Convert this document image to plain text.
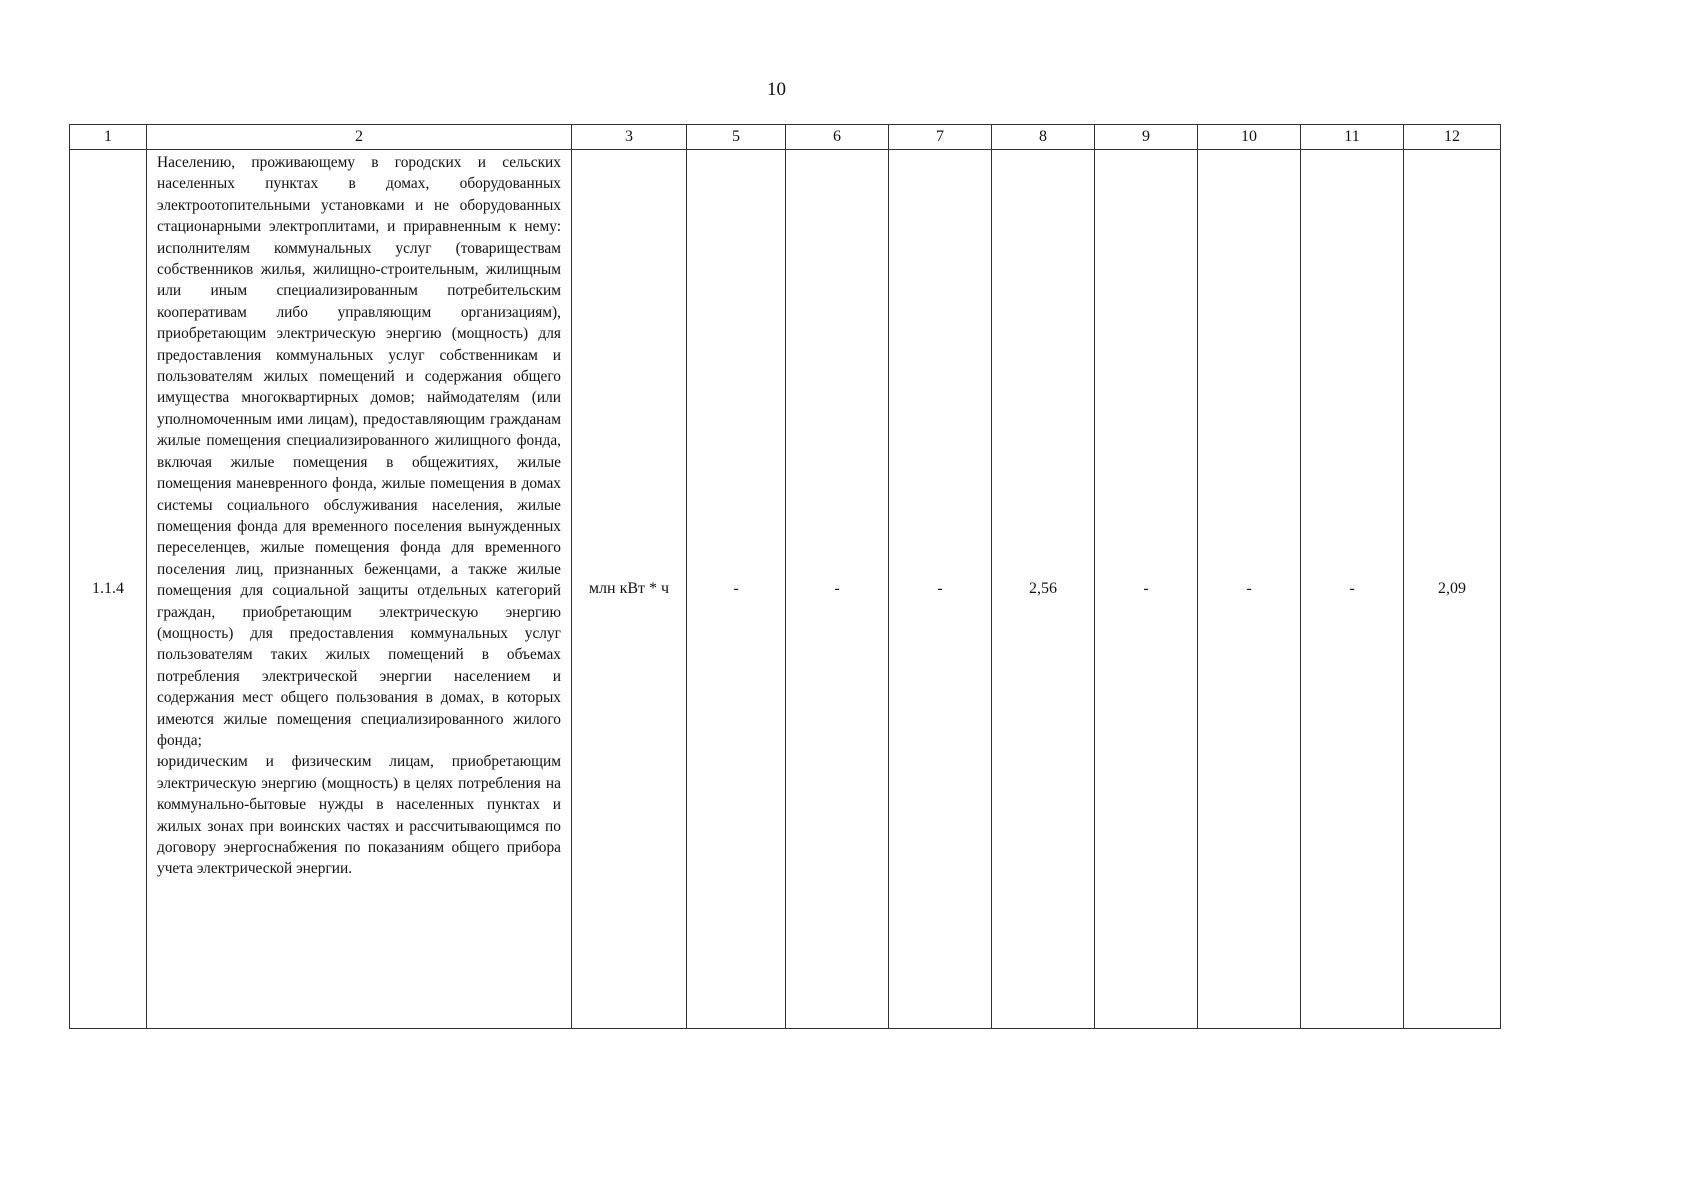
10
1	2	3	5	6	7	8	9	10	11	12
1.1.4	Населению, проживающему в городских и сельских населенных пунктах в домах, оборудованных электроотопительными установками и не оборудованных стационарными электроплитами, и приравненным к нему: исполнителям коммунальных услуг (товариществам собственников жилья, жилищно-строительным, жилищным или иным специализированным потребительским кооперативам либо управляющим организациям), приобретающим электрическую энергию (мощность) для предоставления коммунальных услуг собственникам и пользователям жилых помещений и содержания общего имущества многоквартирных домов; наймодателям (или уполномоченным ими лицам), предоставляющим гражданам жилые помещения специализированного жилищного фонда, включая жилые помещения в общежитиях, жилые помещения маневренного фонда, жилые помещения в домах системы социального обслуживания населения, жилые помещения фонда для временного поселения вынужденных переселенцев, жилые помещения фонда для временного поселения лиц, признанных беженцами, а также жилые помещения для социальной защиты отдельных категорий граждан, приобретающим электрическую энергию (мощность) для предоставления коммунальных услуг пользователям таких жилых помещений в объемах потребления электрической энергии населением и содержания мест общего пользования в домах, в которых имеются жилые помещения специализированного жилого фонда;
юридическим и физическим лицам, приобретающим электрическую энергию (мощность) в целях потребления на коммунально-бытовые нужды в населенных пунктах и жилых зонах при воинских частях и рассчитывающимся по договору энергоснабжения по показаниям общего прибора учета электрической энергии.	млн кВт * ч	-	-	-	2,56	-	-	-	2,09
